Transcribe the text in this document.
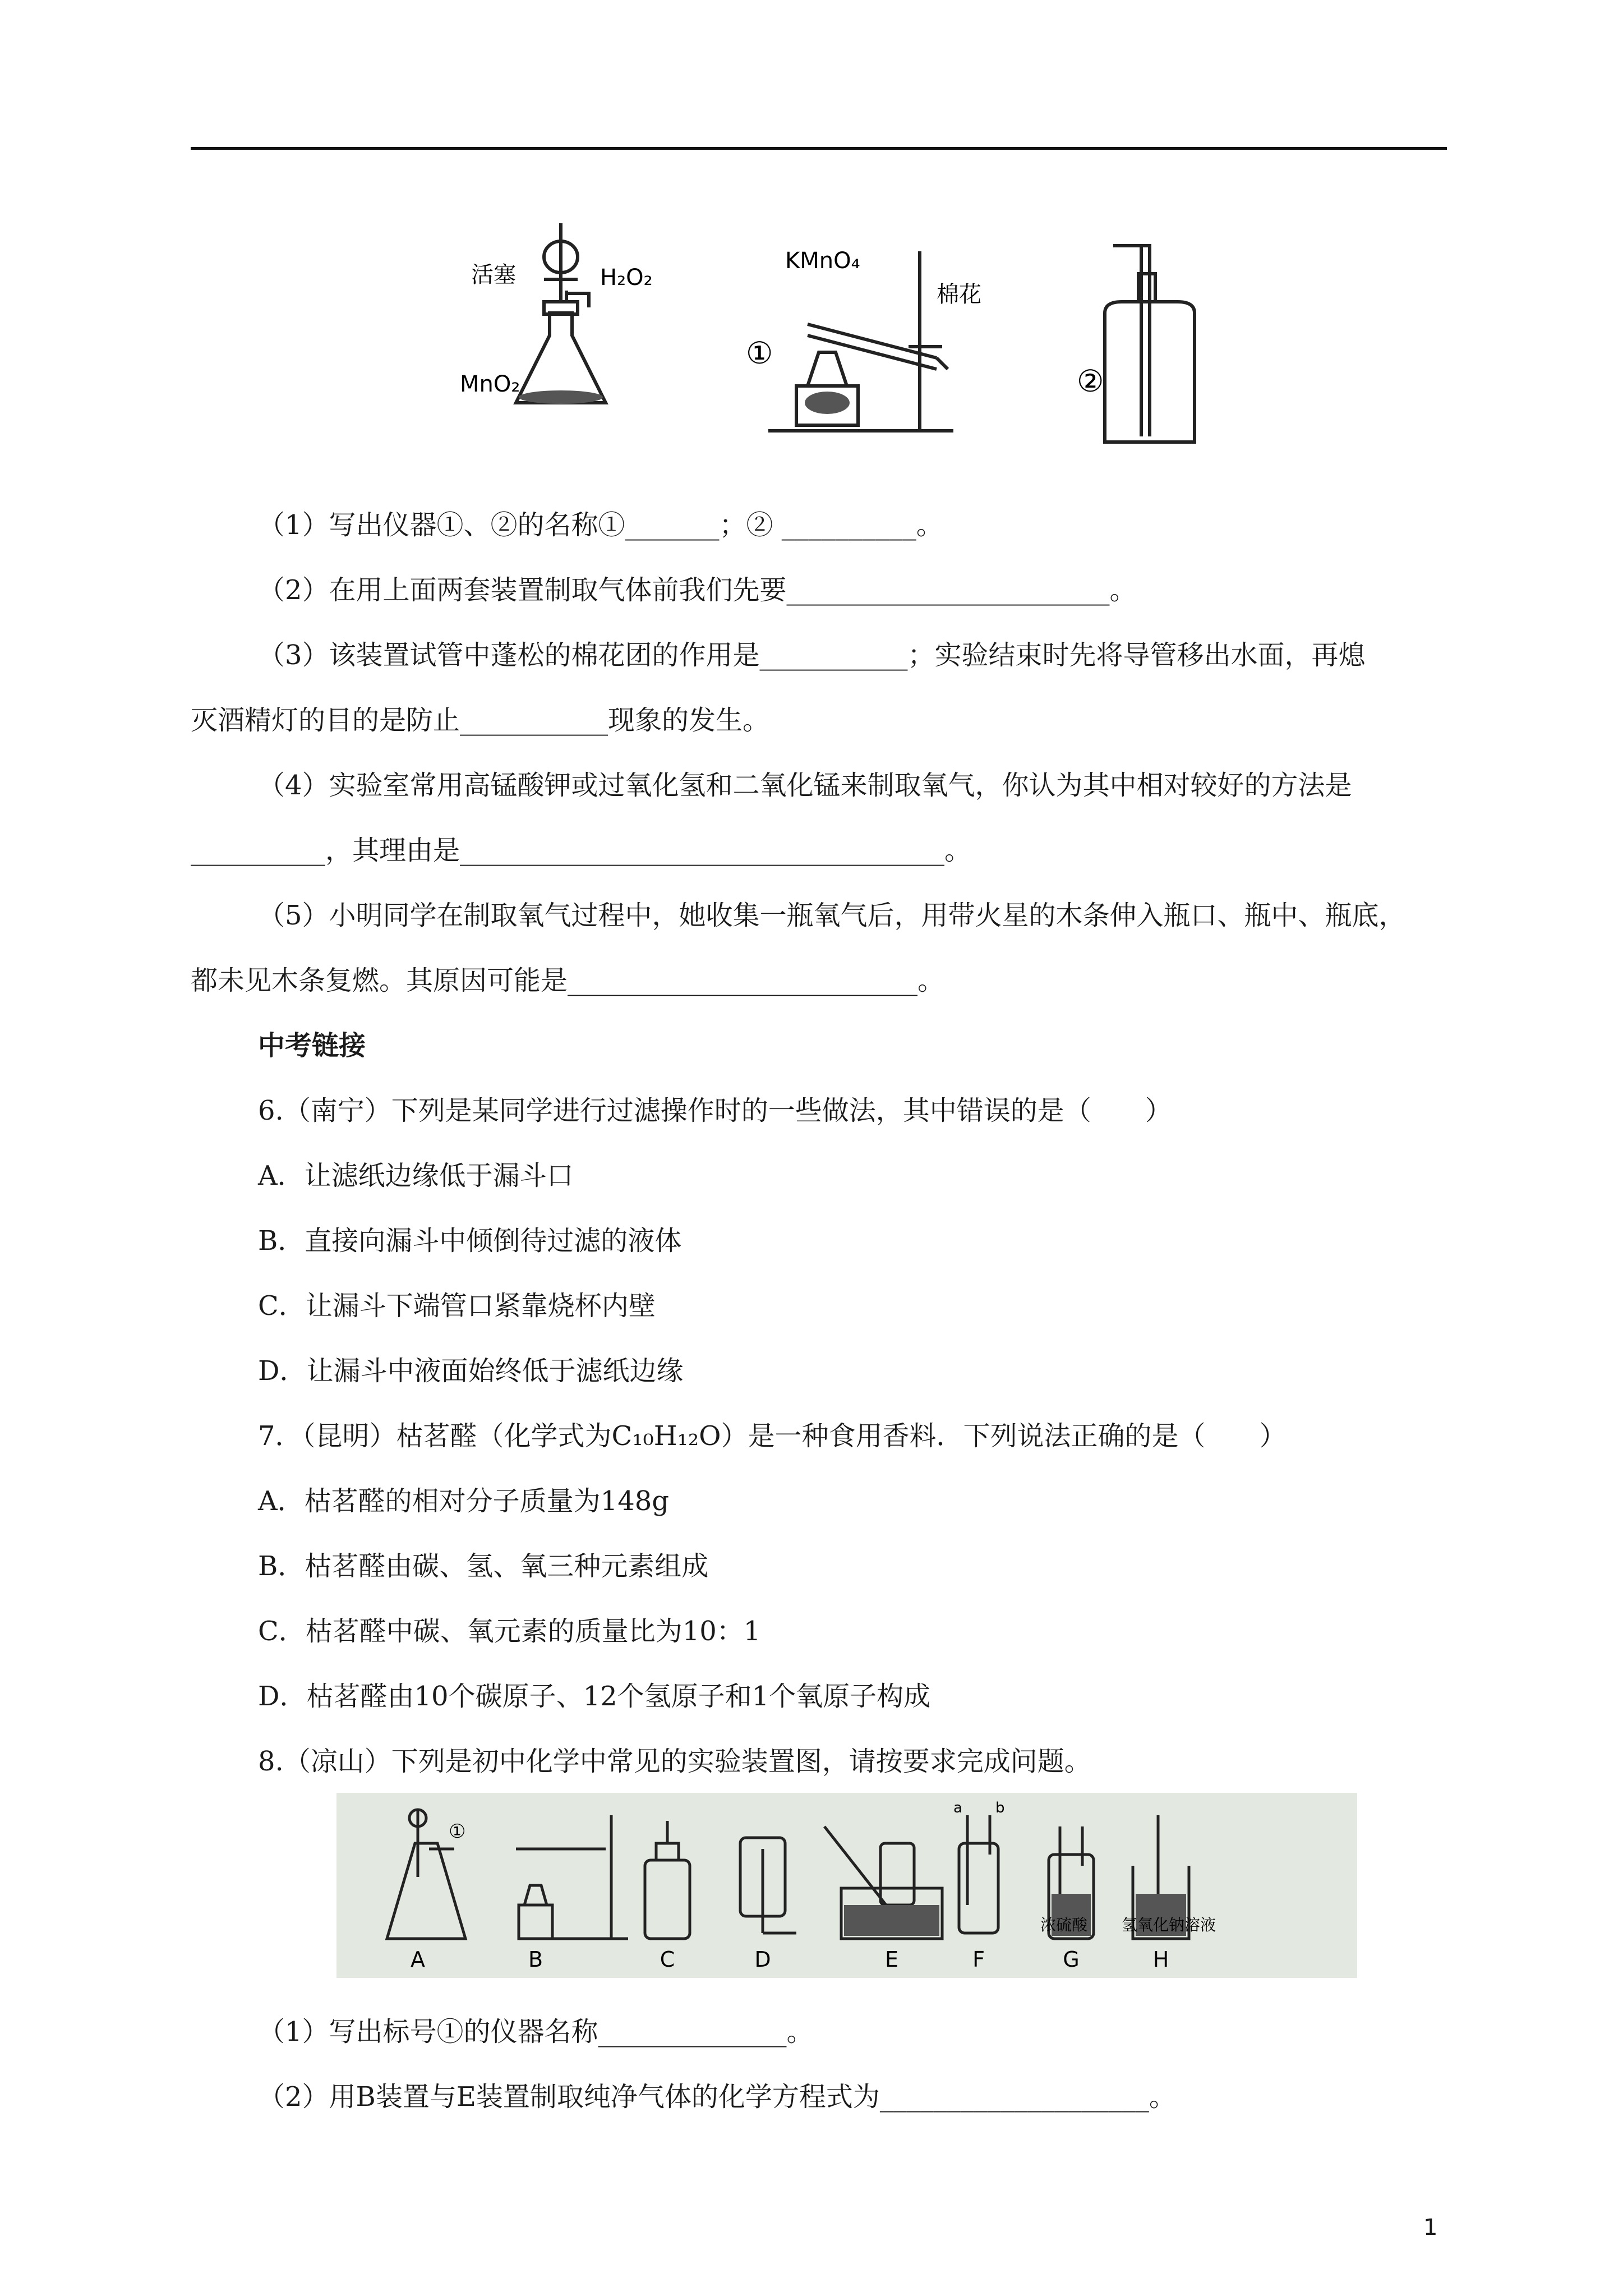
活塞	H₂O₂
MnO₂
KMnO₄
棉花
①
②
（1）写出仪器①、②的名称①_______；② __________。
（2）在用上面两套装置制取气体前我们先要________________________。
（3）该装置试管中蓬松的棉花团的作用是___________；实验结束时先将导管移出水面，再熄
灭酒精灯的目的是防止___________现象的发生。
（4）实验室常用高锰酸钾或过氧化氢和二氧化锰来制取氧气，你认为其中相对较好的方法是
__________，其理由是____________________________________。
（5）小明同学在制取氧气过程中，她收集一瓶氧气后，用带火星的木条伸入瓶口、瓶中、瓶底，
都未见木条复燃。其原因可能是__________________________。
中考链接
6.（南宁）下列是某同学进行过滤操作时的一些做法，其中错误的是（　　）
A．让滤纸边缘低于漏斗口
B．直接向漏斗中倾倒待过滤的液体
C．让漏斗下端管口紧靠烧杯内壁
D．让漏斗中液面始终低于滤纸边缘
7．（昆明）枯茗醛（化学式为C₁₀H₁₂O）是一种食用香料．下列说法正确的是（　　）
A．枯茗醛的相对分子质量为148g
B．枯茗醛由碳、氢、氧三种元素组成
C．枯茗醛中碳、氧元素的质量比为10：1
D．枯茗醛由10个碳原子、12个氢原子和1个氧原子构成
8.（凉山）下列是初中化学中常见的实验装置图，请按要求完成问题。
①
a b
浓硫酸 氢氧化钠溶液
A	B	C	D	E	F	G	H
（1）写出标号①的仪器名称______________。
（2）用B装置与E装置制取纯净气体的化学方程式为____________________。
1
